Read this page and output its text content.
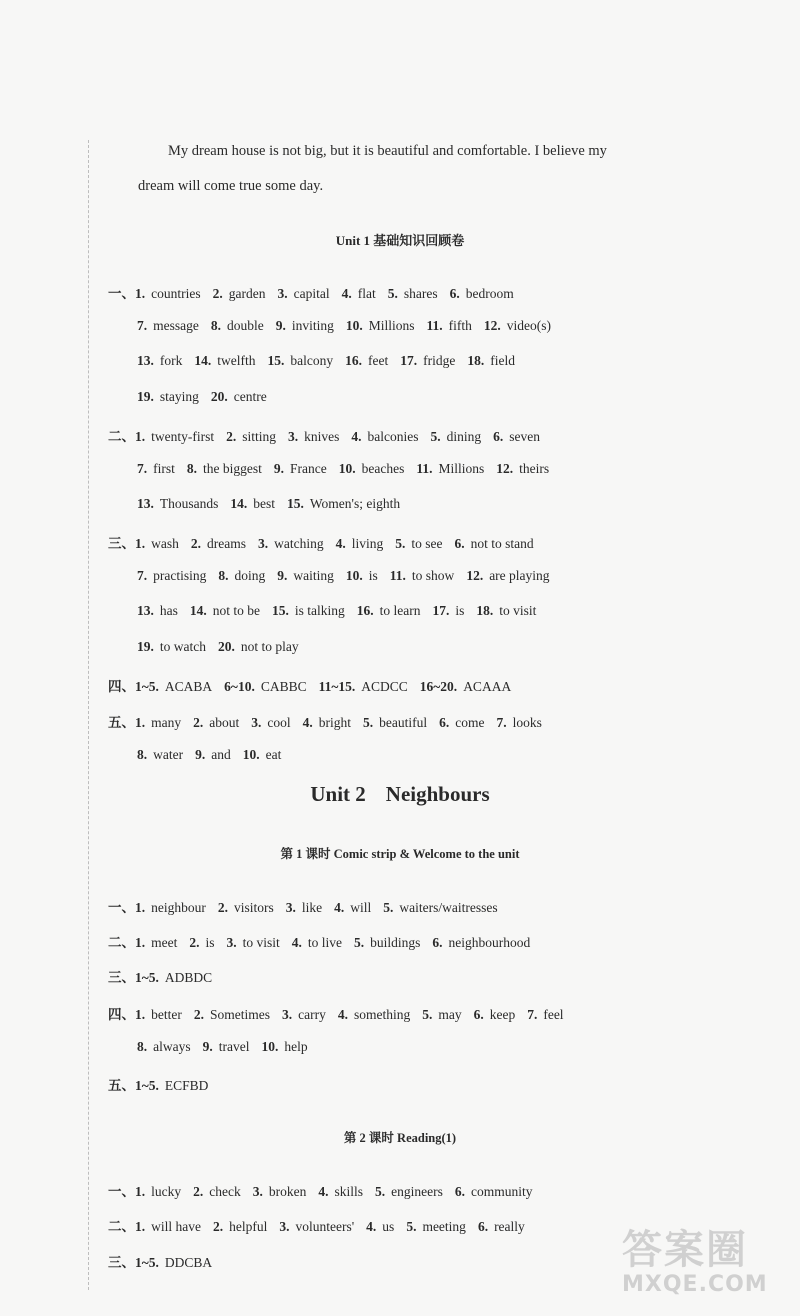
My dream house is not big, but it is beautiful and comfortable. I believe my
dream will come true some day.
Unit 1 基础知识回顾卷
Unit 2 Neighbours
第 1 课时 Comic strip & Welcome to the unit
第 2 课时 Reading(1)
答案圈
MXQE.COM
一、1. countries 2. garden 3. capital 4. flat 5. shares 6. bedroom
7. message 8. double 9. inviting 10. Millions 11. fifth 12. video(s)
13. fork 14. twelfth 15. balcony 16. feet 17. fridge 18. field
19. staying 20. centre
二、1. twenty-first 2. sitting 3. knives 4. balconies 5. dining 6. seven
7. first 8. the biggest 9. France 10. beaches 11. Millions 12. theirs
13. Thousands 14. best 15. Women's; eighth
三、1. wash 2. dreams 3. watching 4. living 5. to see 6. not to stand
7. practising 8. doing 9. waiting 10. is 11. to show 12. are playing
13. has 14. not to be 15. is talking 16. to learn 17. is 18. to visit
19. to watch 20. not to play
四、1~5. ACABA 6~10. CABBC 11~15. ACDCC 16~20. ACAAA
五、1. many 2. about 3. cool 4. bright 5. beautiful 6. come 7. looks
8. water 9. and 10. eat
一、1. neighbour 2. visitors 3. like 4. will 5. waiters/waitresses
二、1. meet 2. is 3. to visit 4. to live 5. buildings 6. neighbourhood
三、1~5. ADBDC
四、1. better 2. Sometimes 3. carry 4. something 5. may 6. keep 7. feel
8. always 9. travel 10. help
五、1~5. ECFBD
一、1. lucky 2. check 3. broken 4. skills 5. engineers 6. community
二、1. will have 2. helpful 3. volunteers' 4. us 5. meeting 6. really
三、1~5. DDCBA
